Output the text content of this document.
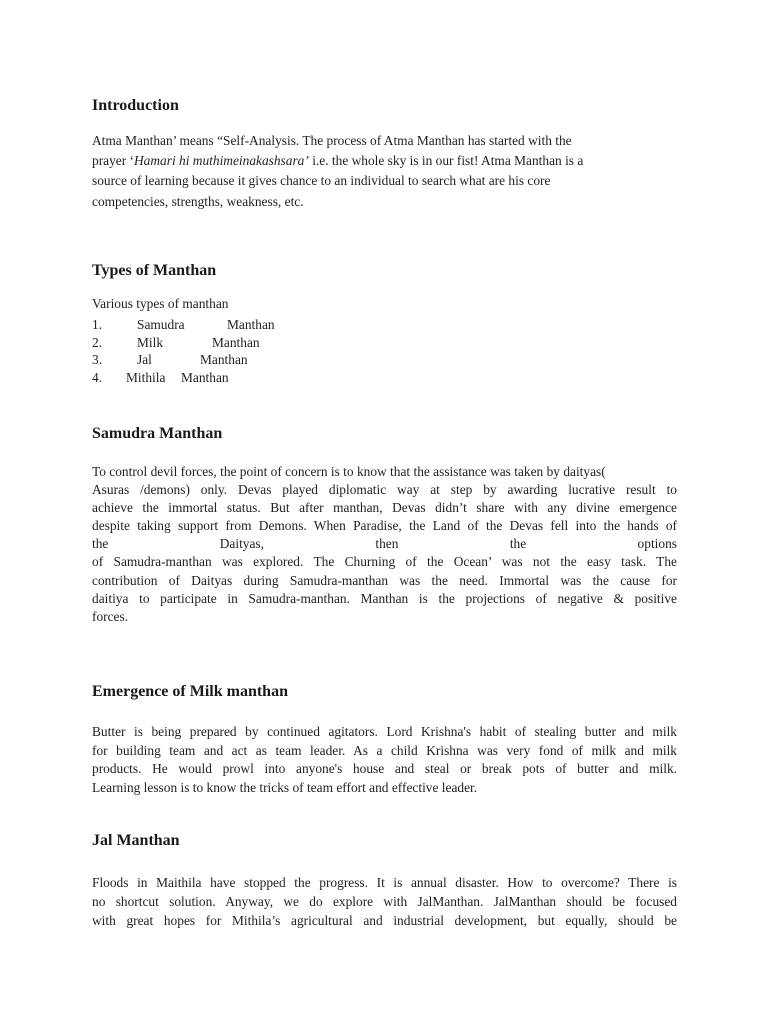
Introduction
Atma Manthan’ means “Self-Analysis. The process of Atma Manthan has started with the
prayer ‘Hamari hi muthimeinakashsara’ i.e. the whole sky is in our fist! Atma Manthan is a
source of learning because it gives chance to an individual to search what are his core
competencies, strengths, weakness, etc.
Types of Manthan

Various types of manthan

1.	Samudra	Manthan
2.	Milk	Manthan
3.	Jal	Manthan
4. Mithila Manthan
Samudra Manthan
To control devil forces, the point of concern is to know that the assistance was taken by daityas(
Asuras /demons) only. Devas played diplomatic way at step by awarding lucrative result to
achieve the immortal status. But after manthan, Devas didn’t share with any divine emergence
despite taking support from Demons. When Paradise, the Land of the Devas fell into the hands of
the	Daityas,	then	the	options
of Samudra-manthan was explored. The Churning of the Ocean’ was not the easy task. The
contribution of Daityas during Samudra-manthan was the need. Immortal was the cause for
daitiya to participate in Samudra-manthan. Manthan is the projections of negative & positive
forces.
Emergence of Milk manthan
Butter is being prepared by continued agitators. Lord Krishna's habit of stealing butter and milk
for building team and act as team leader. As a child Krishna was very fond of milk and milk
products. He would prowl into anyone's house and steal or break pots of butter and milk.
Learning lesson is to know the tricks of team effort and effective leader.
Jal Manthan
Floods in Maithila have stopped the progress. It is annual disaster. How to overcome? There is
no shortcut solution. Anyway, we do explore with JalManthan. JalManthan should be focused
with great hopes for Mithila’s agricultural and industrial development, but equally, should be
